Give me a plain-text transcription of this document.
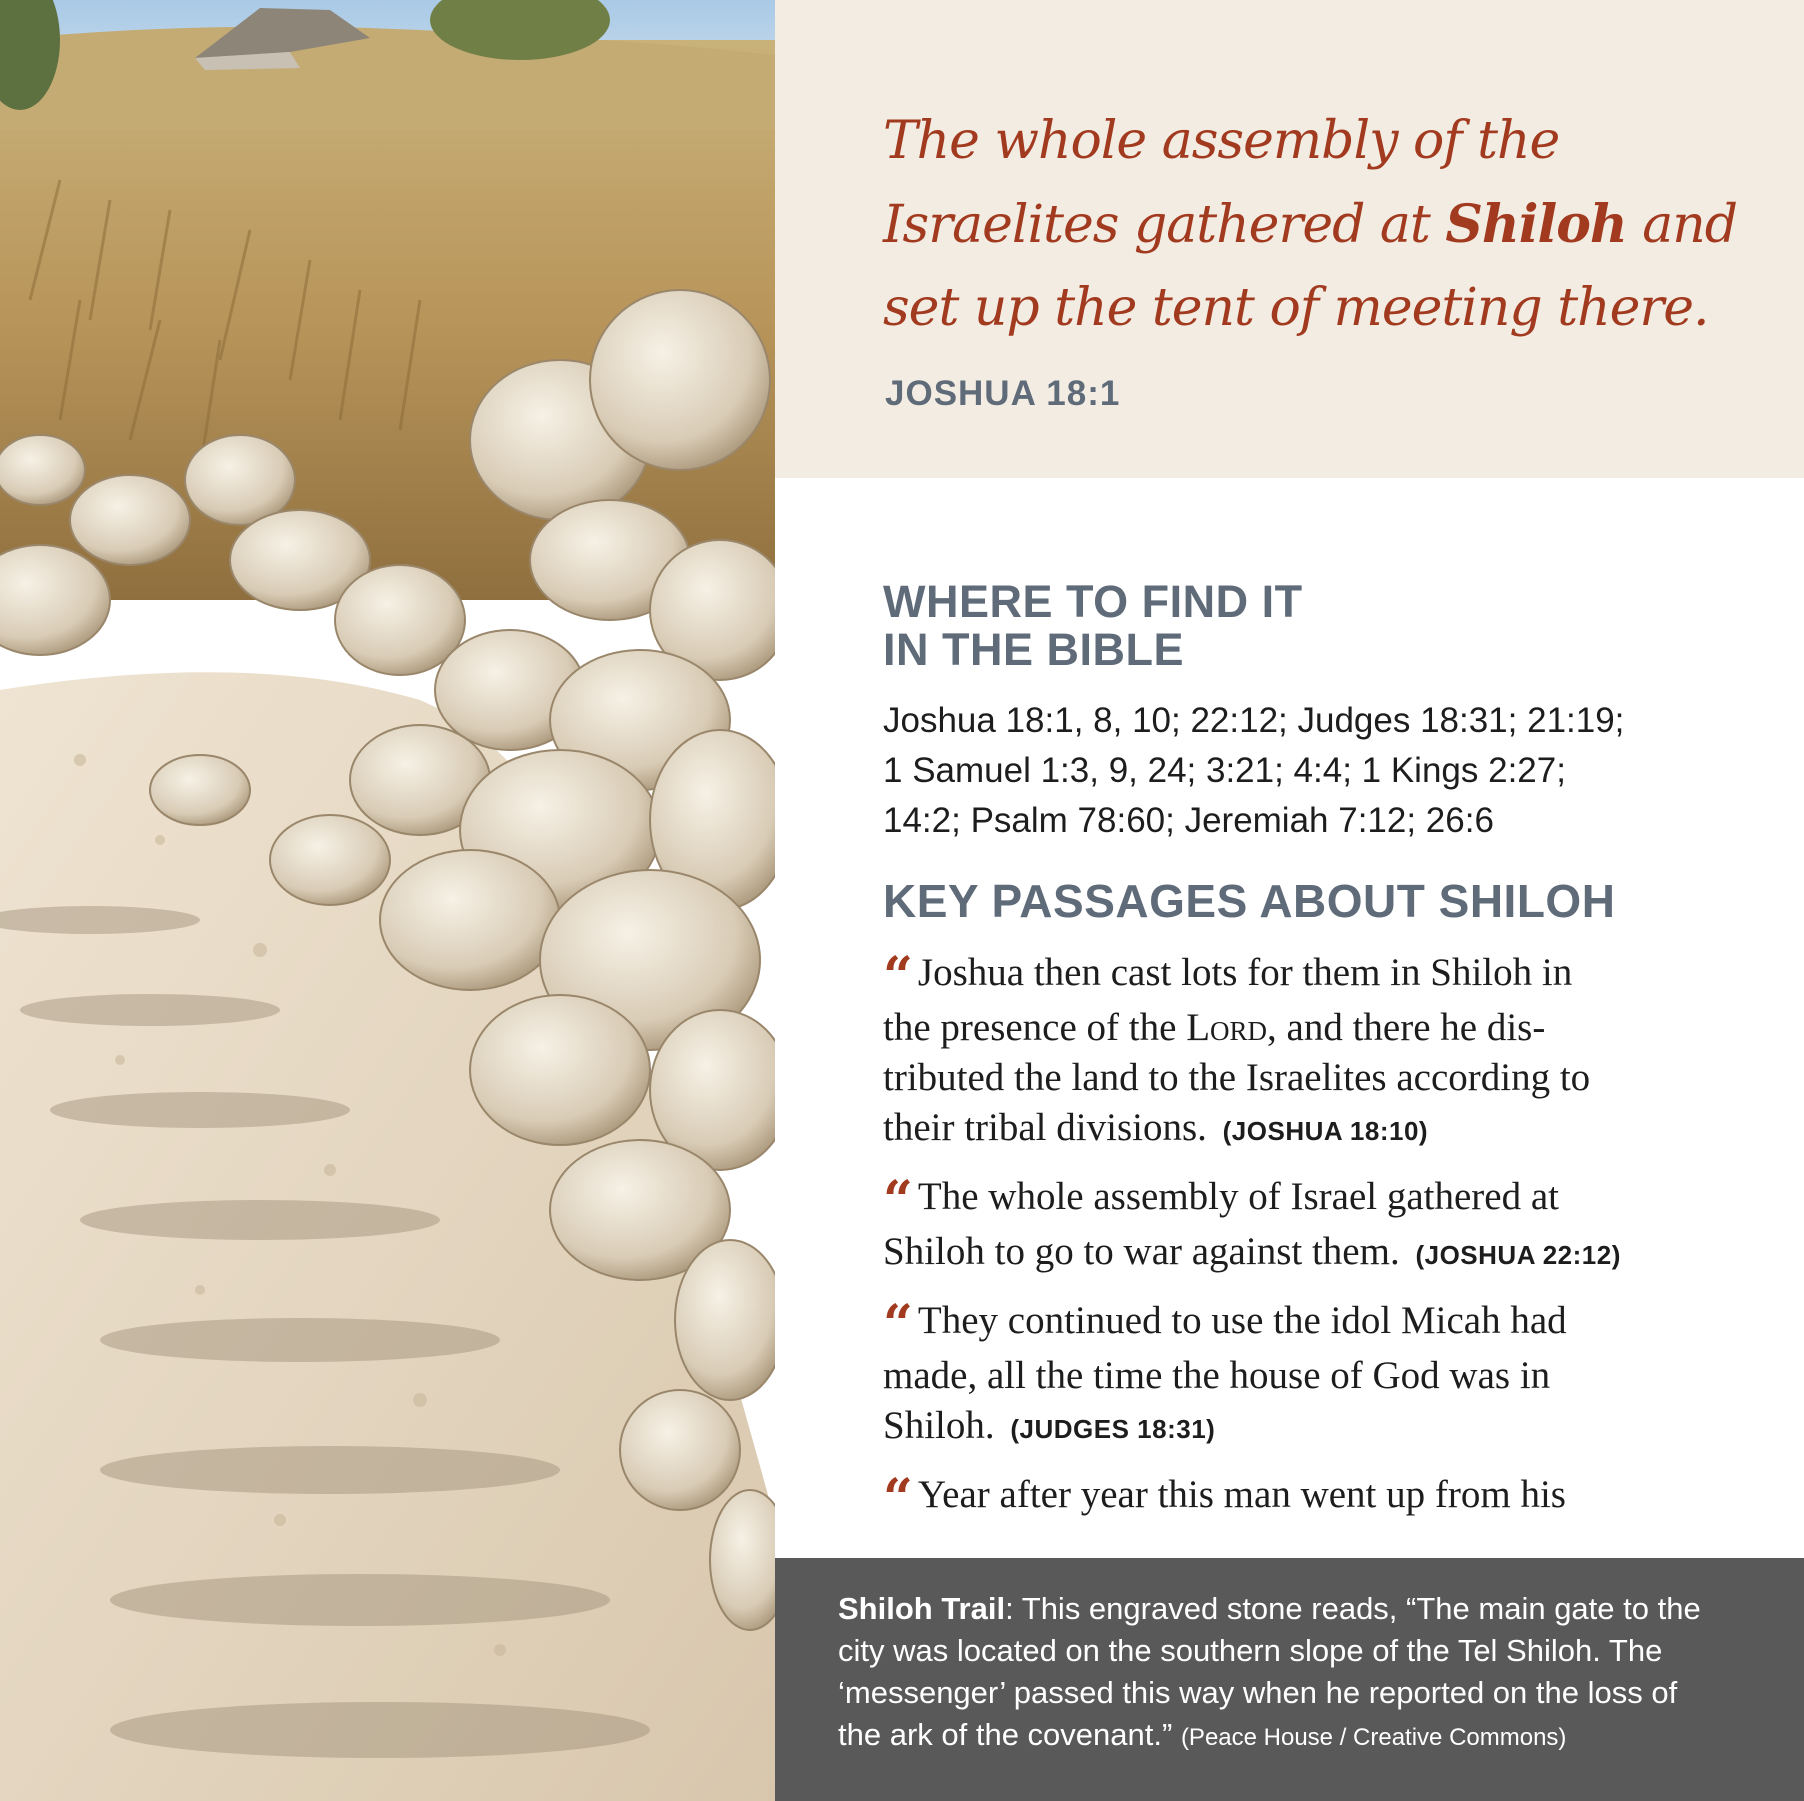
The whole assembly of the
Israelites gathered at Shiloh and
set up the tent of meeting there.

JOSHUA 18:1

WHERE TO FIND IT
IN THE BIBLE

Joshua 18:1, 8, 10; 22:12; Judges 18:31; 21:19;
1 Samuel 1:3, 9, 24; 3:21; 4:4; 1 Kings 2:27;
14:2; Psalm 78:60; Jeremiah 7:12; 26:6

KEY PASSAGES ABOUT SHILOH

“ Joshua then cast lots for them in Shiloh in
the presence of the Lord, and there he dis-
tributed the land to the Israelites according to
their tribal divisions. (JOSHUA 18:10)

“ The whole assembly of Israel gathered at
Shiloh to go to war against them. (JOSHUA 22:12)

“ They continued to use the idol Micah had
made, all the time the house of God was in
Shiloh. (JUDGES 18:31)

“ Year after year this man went up from his

Shiloh Trail: This engraved stone reads, “The main gate to the
city was located on the southern slope of the Tel Shiloh. The
‘messenger’ passed this way when he reported on the loss of
the ark of the covenant.” (Peace House / Creative Commons)
